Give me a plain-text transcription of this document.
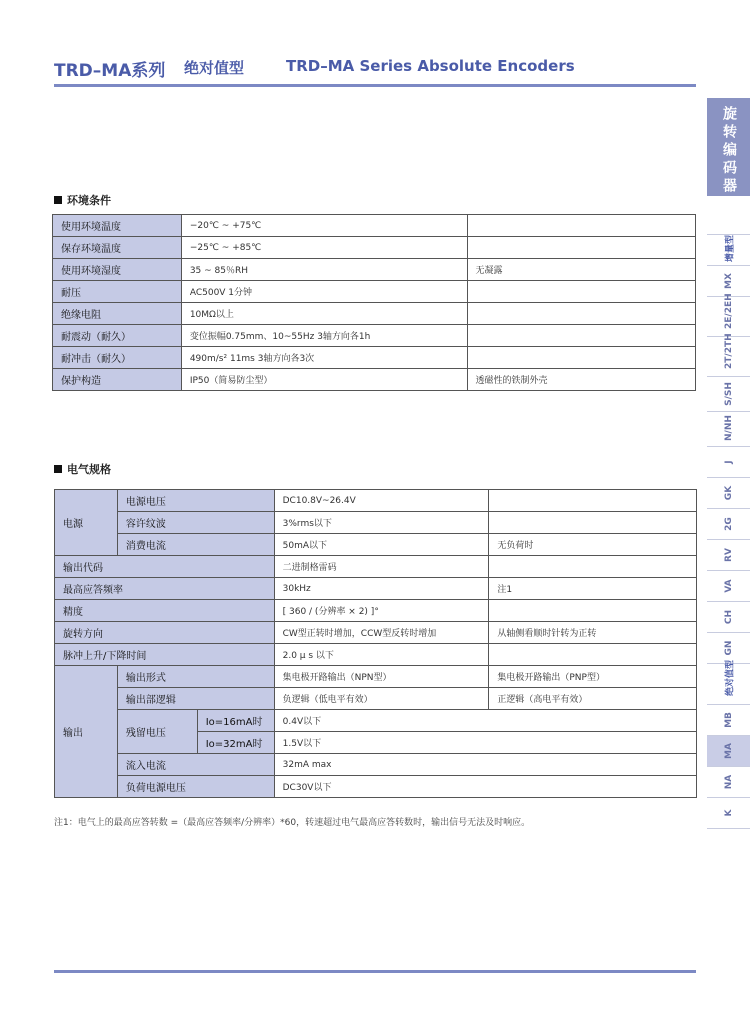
TRD–MA系列 绝对值型	TRD–MA Series Absolute Encoders
旋转编码器
增量型
MX
2E/2EH
2T/2TH
S/SH
N/NH
J
GK
2G
RV
VA
CH
GN
绝对值型
MB
MA
NA
K
环境条件
使用环境温度	−20℃ ~ +75℃	
保存环境温度	−25℃ ~ +85℃	
使用环境湿度	35 ~ 85％RH	无凝露
耐压	AC500V 1分钟	
绝缘电阻	10MΩ以上	
耐震动（耐久）	变位振幅0.75mm、10~55Hz 3轴方向各1h	
耐冲击（耐久）	490m/s² 11ms 3轴方向各3次	
保护构造	IP50（简易防尘型）	透磁性的铁制外壳
电气规格
电源	电源电压		DC10.8V~26.4V	
	容许纹波		3%rms以下	
	消费电流		50mA以下	无负荷时
输出代码			二进制格雷码	
最高应答频率			30kHz	注1
精度			[ 360 / (分辨率 × 2) ]°	
旋转方向			CW型正转时增加，CCW型反转时增加	从轴侧看顺时针转为正转
脉冲上升/下降时间			2.0 μ s 以下	
输出	输出形式		集电极开路输出（NPN型）	集电极开路输出（PNP型）
	输出部逻辑		负逻辑（低电平有效）	正逻辑（高电平有效）
	残留电压	Io=16mA时	0.4V以下	
		Io=32mA时	1.5V以下	
	流入电流		32mA max	
	负荷电源电压		DC30V以下	
注1：电气上的最高应答转数 =（最高应答频率/分辨率）*60，转速超过电气最高应答转数时，输出信号无法及时响应。
